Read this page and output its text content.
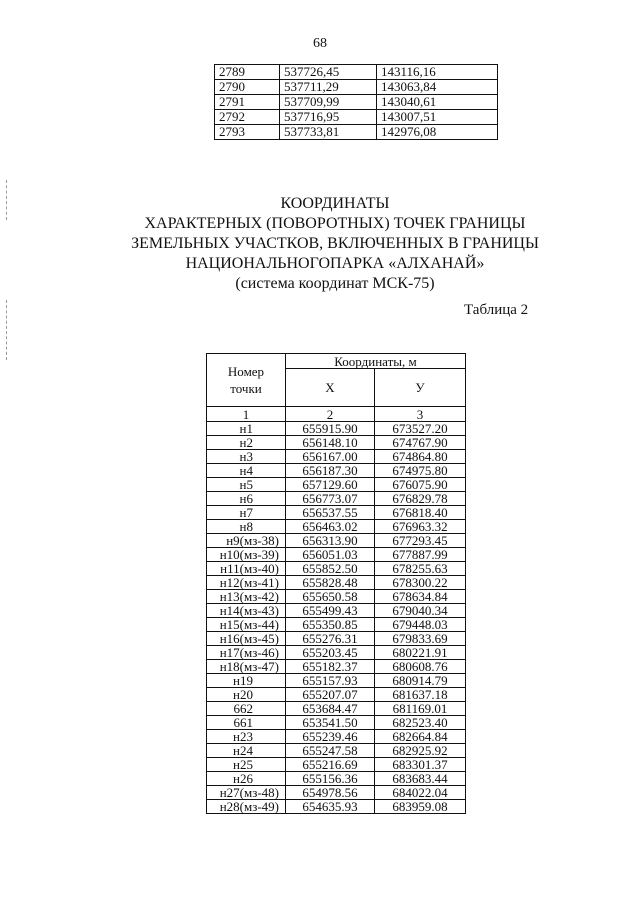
68
2789	537726,45	143116,16
2790	537711,29	143063,84
2791	537709,99	143040,61
2792	537716,95	143007,51
2793	537733,81	142976,08
КООРДИНАТЫ
ХАРАКТЕРНЫХ (ПОВОРОТНЫХ) ТОЧЕК ГРАНИЦЫ
ЗЕМЕЛЬНЫХ УЧАСТКОВ, ВКЛЮЧЕННЫХ В ГРАНИЦЫ
НАЦИОНАЛЬНОГОПАРКА «АЛХАНАЙ»
(система координат МСК-75)
Таблица 2
Номер точки	Координаты, м	
	X	У
1	2	3
н1	655915.90	673527.20
н2	656148.10	674767.90
н3	656167.00	674864.80
н4	656187.30	674975.80
н5	657129.60	676075.90
н6	656773.07	676829.78
н7	656537.55	676818.40
н8	656463.02	676963.32
н9(мз-38)	656313.90	677293.45
н10(мз-39)	656051.03	677887.99
н11(мз-40)	655852.50	678255.63
н12(мз-41)	655828.48	678300.22
н13(мз-42)	655650.58	678634.84
н14(мз-43)	655499.43	679040.34
н15(мз-44)	655350.85	679448.03
н16(мз-45)	655276.31	679833.69
н17(мз-46)	655203.45	680221.91
н18(мз-47)	655182.37	680608.76
н19	655157.93	680914.79
н20	655207.07	681637.18
662	653684.47	681169.01
661	653541.50	682523.40
н23	655239.46	682664.84
н24	655247.58	682925.92
н25	655216.69	683301.37
н26	655156.36	683683.44
н27(мз-48)	654978.56	684022.04
н28(мз-49)	654635.93	683959.08
